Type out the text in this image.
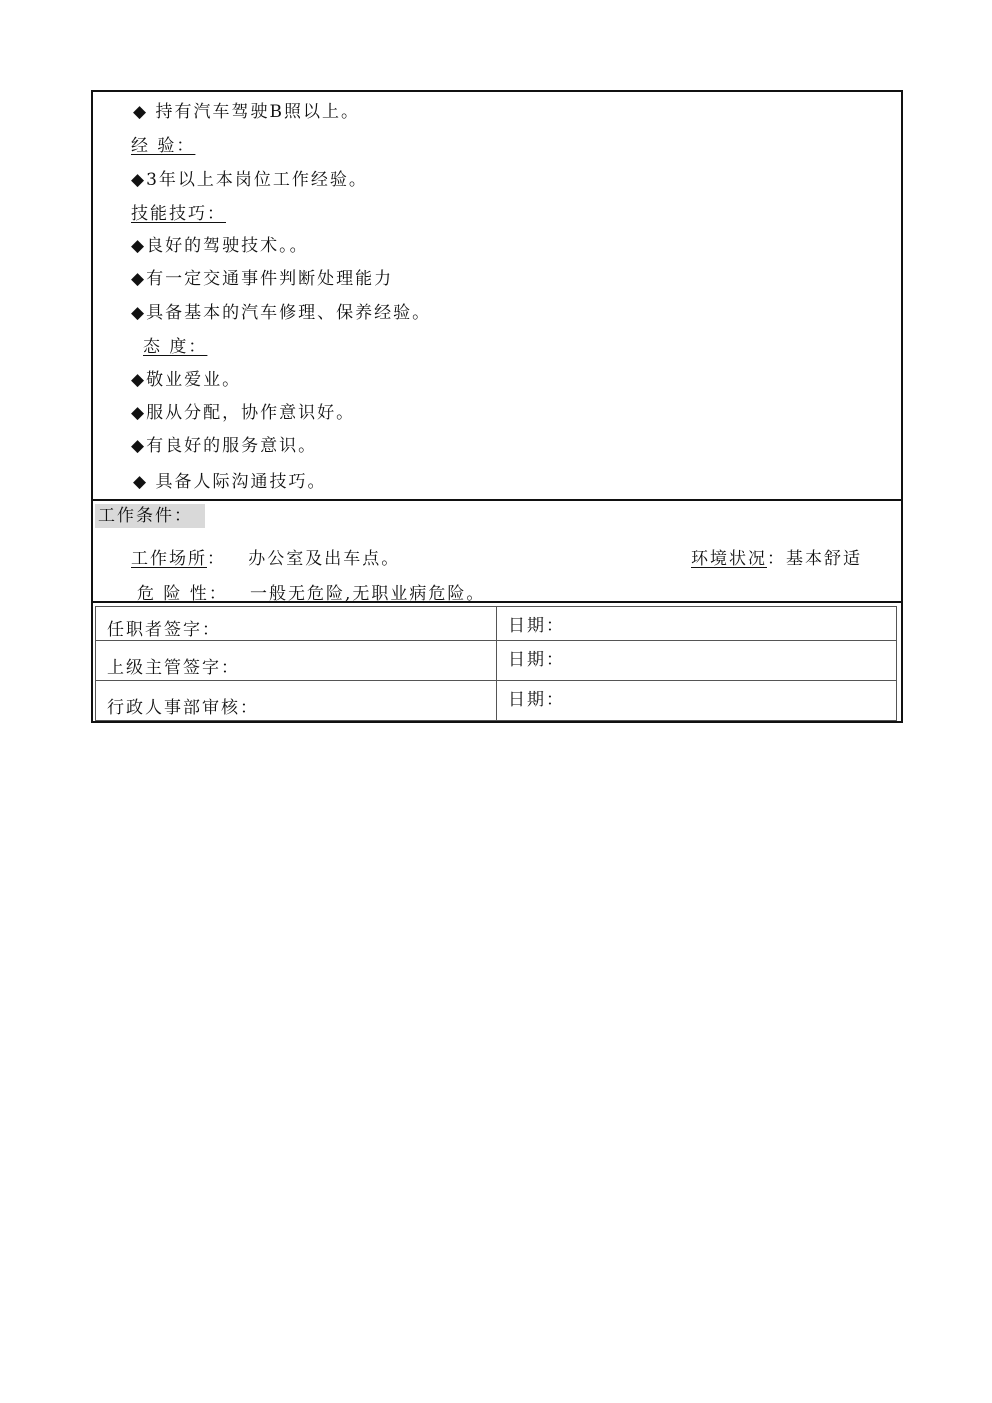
◆ 持有汽车驾驶B照以上。
经 验：
◆3年以上本岗位工作经验。
技能技巧：
◆良好的驾驶技术。。
◆有一定交通事件判断处理能力
◆具备基本的汽车修理、保养经验。
态 度：
◆敬业爱业。
◆服从分配，协作意识好。
◆有良好的服务意识。
◆ 具备人际沟通技巧。
工作条件：
工作场所：   办公室及出车点。	环境状况：基本舒适
危 险 性：   一般无危险,无职业病危险。
任职者签字：	日期：
上级主管签字：	日期：
行政人事部审核：	日期：
